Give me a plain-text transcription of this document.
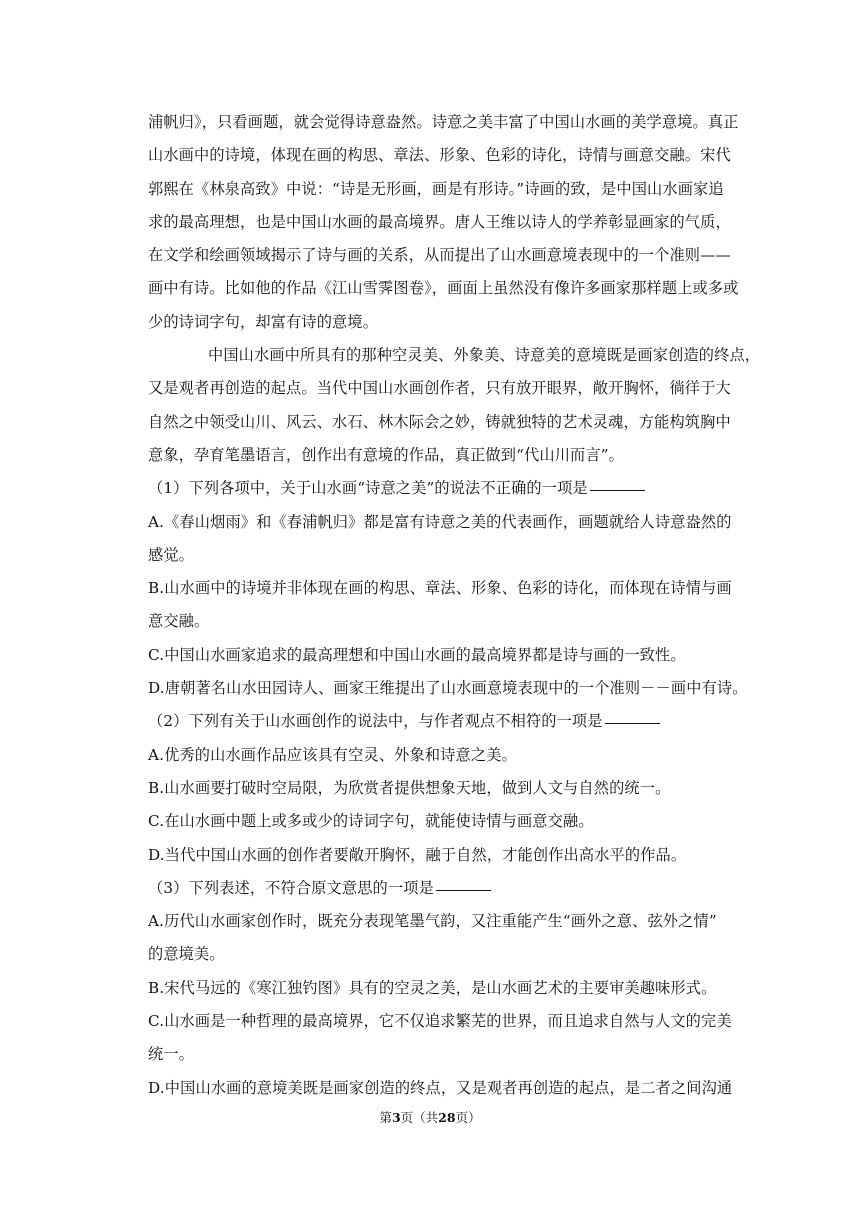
浦帆归》，只看画题，就会觉得诗意盎然。诗意之美丰富了中国山水画的美学意境。真正
山水画中的诗境，体现在画的构思、章法、形象、色彩的诗化，诗情与画意交融。宋代
郭熙在《林泉高致》中说：“诗是无形画，画是有形诗。”诗画的致，是中国山水画家追
求的最高理想，也是中国山水画的最高境界。唐人王维以诗人的学养彰显画家的气质，
在文学和绘画领域揭示了诗与画的关系，从而提出了山水画意境表现中的一个准则——
画中有诗。比如他的作品《江山雪霁图卷》，画面上虽然没有像许多画家那样题上或多或
少的诗词字句，却富有诗的意境。
中国山水画中所具有的那种空灵美、外象美、诗意美的意境既是画家创造的终点，
又是观者再创造的起点。当代中国山水画创作者，只有放开眼界，敞开胸怀，徜徉于大
自然之中领受山川、风云、水石、林木际会之妙，铸就独特的艺术灵魂，方能构筑胸中
意象，孕育笔墨语言，创作出有意境的作品，真正做到“代山川而言”。
（1）下列各项中，关于山水画“诗意之美”的说法不正确的一项是
A.《春山烟雨》和《春浦帆归》都是富有诗意之美的代表画作，画题就给人诗意盎然的
感觉。
B.山水画中的诗境并非体现在画的构思、章法、形象、色彩的诗化，而体现在诗情与画
意交融。
C.中国山水画家追求的最高理想和中国山水画的最高境界都是诗与画的一致性。
D.唐朝著名山水田园诗人、画家王维提出了山水画意境表现中的一个准则－－画中有诗。
（2）下列有关于山水画创作的说法中，与作者观点不相符的一项是
A.优秀的山水画作品应该具有空灵、外象和诗意之美。
B.山水画要打破时空局限，为欣赏者提供想象天地，做到人文与自然的统一。
C.在山水画中题上或多或少的诗词字句，就能使诗情与画意交融。
D.当代中国山水画的创作者要敞开胸怀，融于自然，才能创作出高水平的作品。
（3）下列表述，不符合原文意思的一项是
A.历代山水画家创作时，既充分表现笔墨气韵，又注重能产生“画外之意、弦外之情”
的意境美。
B.宋代马远的《寒江独钓图》具有的空灵之美，是山水画艺术的主要审美趣味形式。
C.山水画是一种哲理的最高境界，它不仅追求繁芜的世界，而且追求自然与人文的完美
统一。
D.中国山水画的意境美既是画家创造的终点，又是观者再创造的起点，是二者之间沟通
第3页（共28页）
